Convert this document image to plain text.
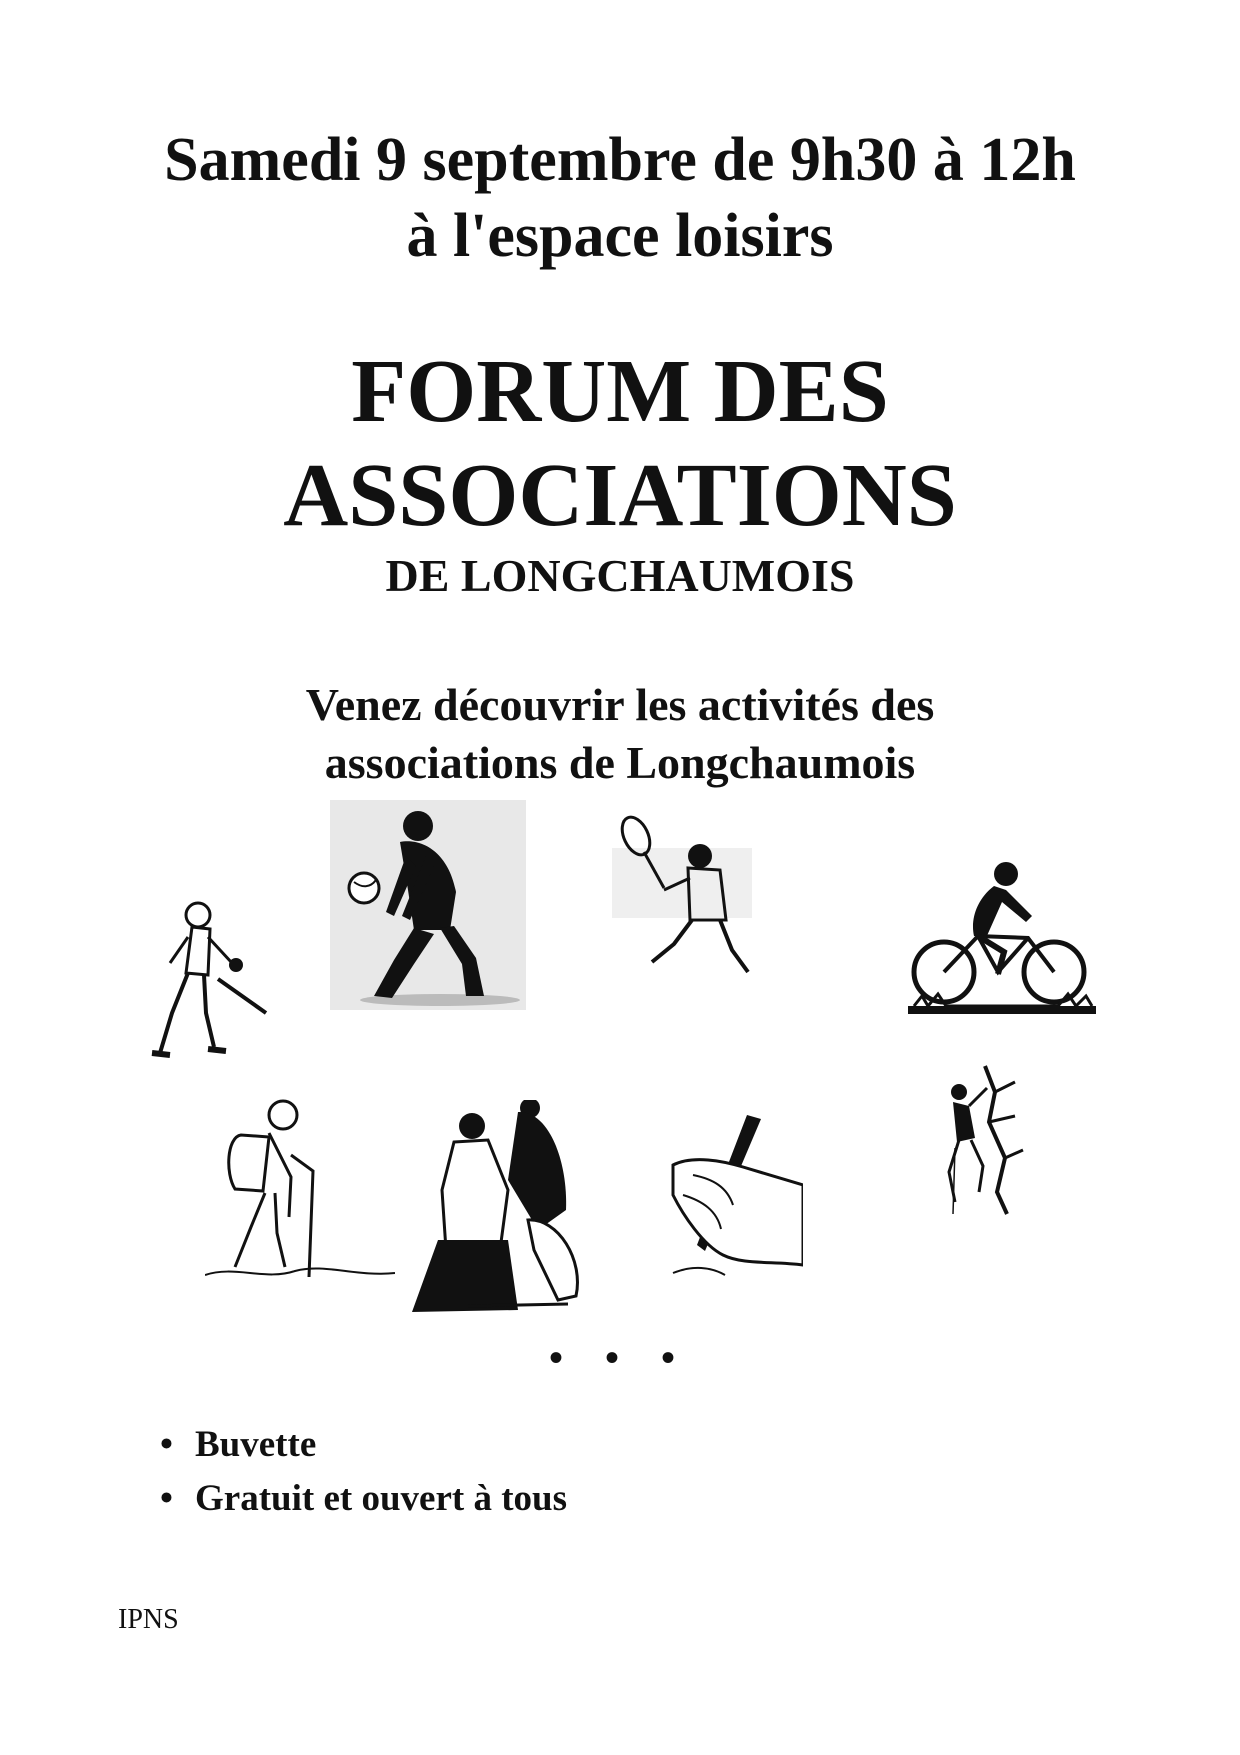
Samedi 9 septembre de 9h30 à 12h
à l'espace loisirs
FORUM DES
ASSOCIATIONS
DE LONGCHAUMOIS
Venez découvrir les activités des
associations de Longchaumois
• • •
• Buvette
• Gratuit et ouvert à tous
IPNS
